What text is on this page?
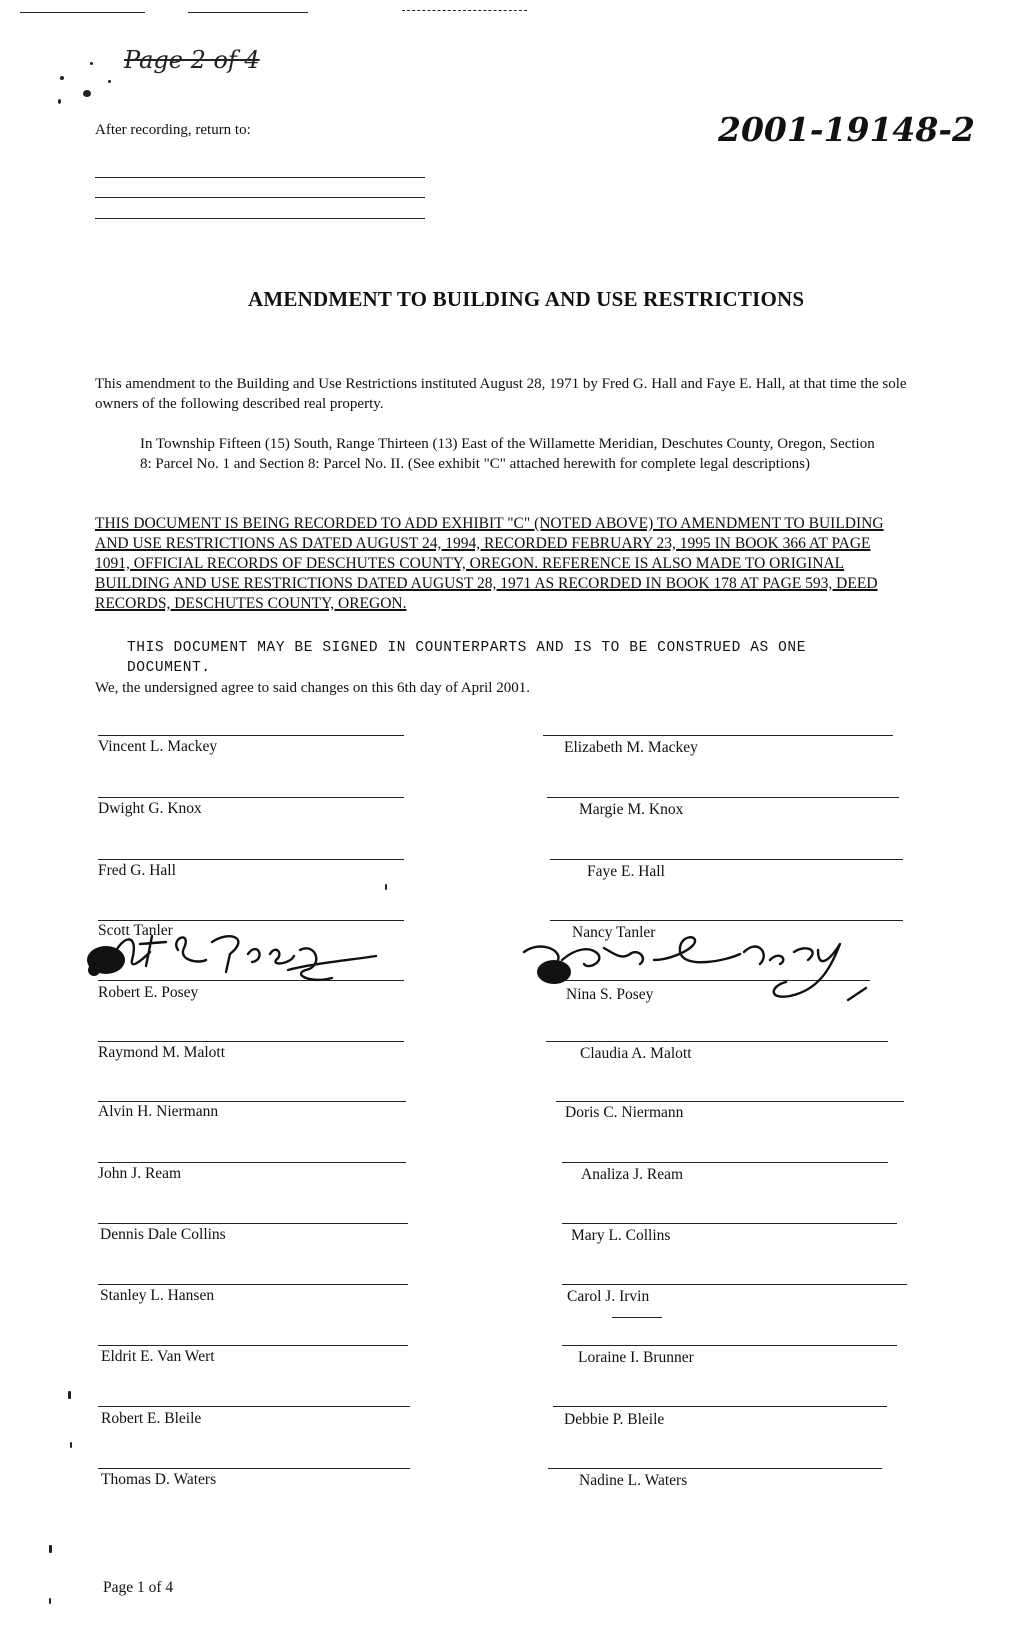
Page 2 of 4
After recording, return to:	2001-19148-2
AMENDMENT TO BUILDING AND USE RESTRICTIONS
This amendment to the Building and Use Restrictions instituted August 28, 1971 by Fred G. Hall and Faye E. Hall, at that time the sole owners of the following described real property.
In Township Fifteen (15) South, Range Thirteen (13) East of the Willamette Meridian, Deschutes County, Oregon, Section 8: Parcel No. 1 and Section 8: Parcel No. II. (See exhibit "C" attached herewith for complete legal descriptions)
THIS DOCUMENT IS BEING RECORDED TO ADD EXHIBIT "C" (NOTED ABOVE) TO AMENDMENT TO BUILDING AND USE RESTRICTIONS AS DATED AUGUST 24, 1994, RECORDED FEBRUARY 23, 1995 IN BOOK 366 AT PAGE 1091, OFFICIAL RECORDS OF DESCHUTES COUNTY, OREGON. REFERENCE IS ALSO MADE TO ORIGINAL BUILDING AND USE RESTRICTIONS DATED AUGUST 28, 1971 AS RECORDED IN BOOK 178 AT PAGE 593, DEED RECORDS, DESCHUTES COUNTY, OREGON.
THIS DOCUMENT MAY BE SIGNED IN COUNTERPARTS AND IS TO BE CONSTRUED AS ONE DOCUMENT.
We, the undersigned agree to said changes on this 6th day of April 2001.
Vincent L. Mackey	Elizabeth M. Mackey
Dwight G. Knox	Margie M. Knox
Fred G. Hall	Faye E. Hall
Scott Tanler	Nancy Tanler
Robert E. Posey	Nina S. Posey
Raymond M. Malott	Claudia A. Malott
Alvin H. Niermann	Doris C. Niermann
John J. Ream	Analiza J. Ream
Dennis Dale Collins	Mary L. Collins
Stanley L. Hansen	Carol J. Irvin
Eldrit E. Van Wert	Loraine I. Brunner
Robert E. Bleile	Debbie P. Bleile
Thomas D. Waters	Nadine L. Waters
Page 1 of 4
